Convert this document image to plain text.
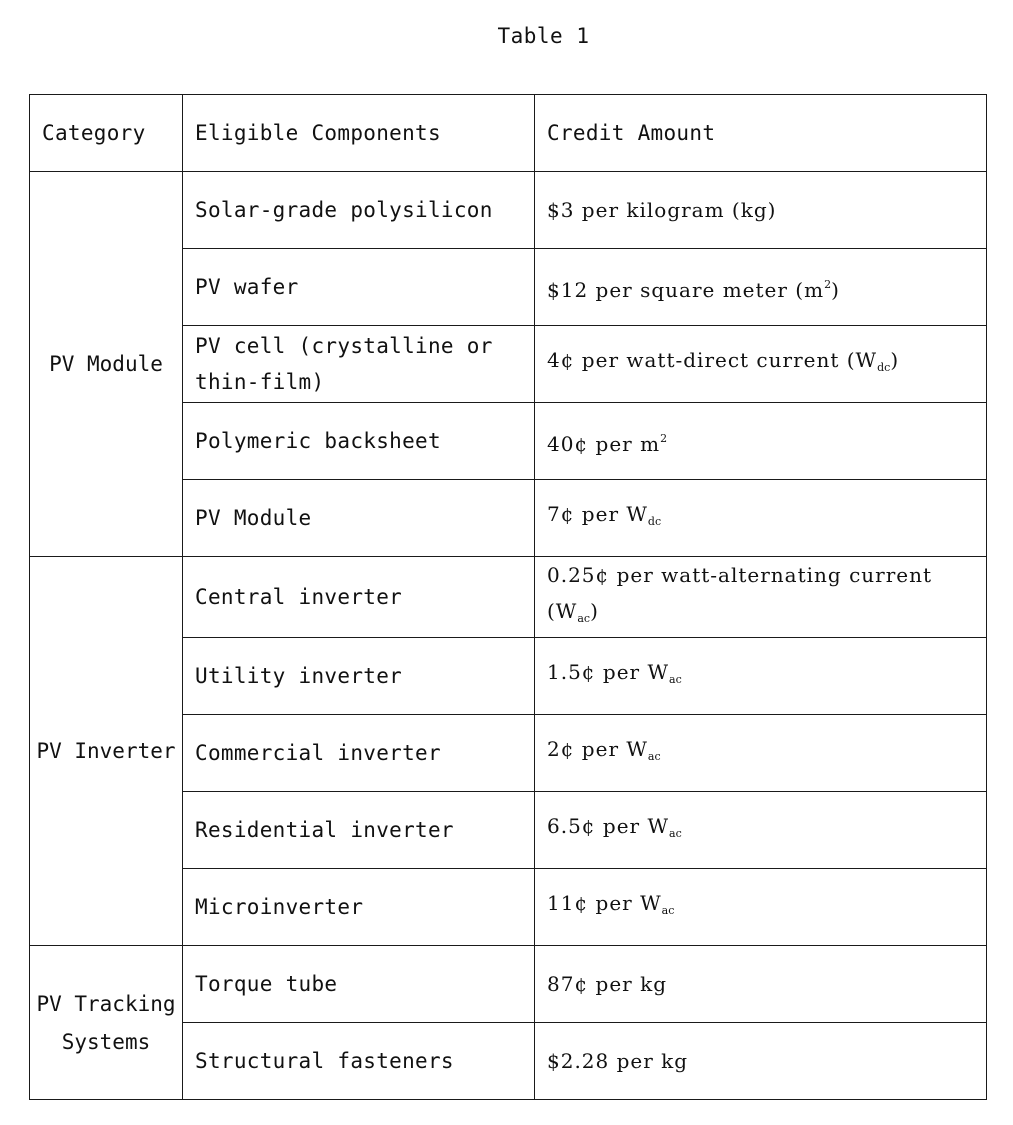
Table 1
Category	Eligible Components	Credit Amount
PV Module	Solar-grade polysilicon	$3 per kilogram (kg)
	PV wafer	$12 per square meter $(m^2)$
	PV cell (crystalline or thin-film)	4¢ per watt-direct current $(W_{dc})$
	Polymeric backsheet	40¢ per $m^2$
	PV Module	7¢ per $W_{dc}$
PV Inverter	Central inverter	0.25¢ per watt-alternating current $(W_{ac})$
	Utility inverter	1.5¢ per $W_{ac}$
	Commercial inverter	2¢ per $W_{ac}$
	Residential inverter	6.5¢ per $W_{ac}$
	Microinverter	11¢ per $W_{ac}$
PV Tracking Systems	Torque tube	87¢ per kg
	Structural fasteners	$2.28 per kg
